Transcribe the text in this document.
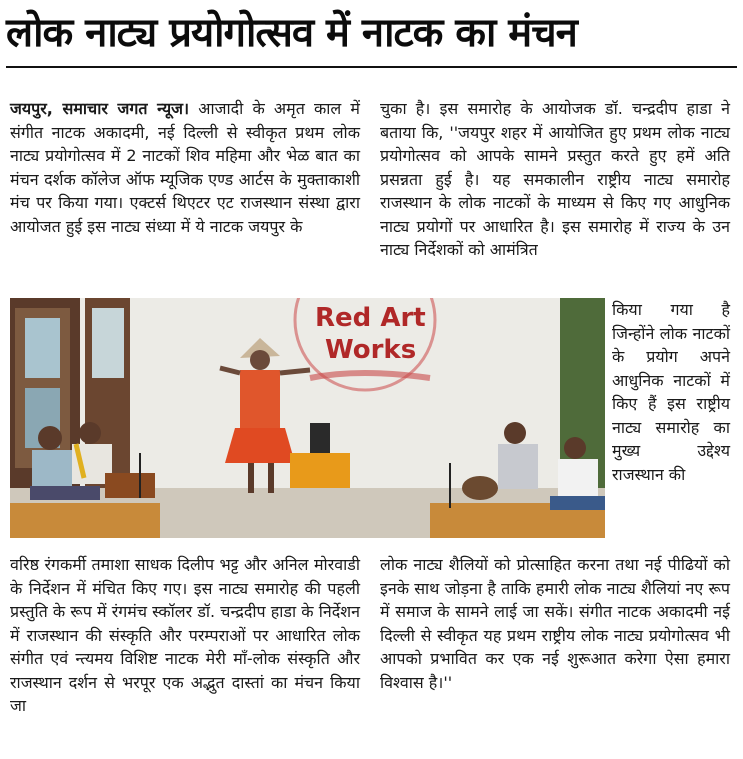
लोक नाट्य प्रयोगोत्सव में नाटक का मंचन

जयपुर, समाचार जगत न्यूज। आजादी के अमृत काल में संगीत नाटक अकादमी, नई दिल्ली से स्वीकृत प्रथम लोक नाट्य प्रयोगोत्सव में 2 नाटकों शिव महिमा और भेळ बात का मंचन दर्शक कॉलेज ऑफ म्यूजिक एण्ड आर्टस के मुक्ताकाशी मंच पर किया गया। एक्टर्स थिएटर एट राजस्थान संस्था द्वारा आयोजत हुई इस नाट्य संध्या में ये नाटक जयपुर के

चुका है। इस समारोह के आयोजक डॉ. चन्द्रदीप हाडा ने बताया कि, ''जयपुर शहर में आयोजित हुए प्रथम लोक नाट्य प्रयोगोत्सव को आपके सामने प्रस्तुत करते हुए हमें अति प्रसन्नता हुई है। यह समकालीन राष्ट्रीय नाट्य समारोह राजस्थान के लोक नाटकों के माध्यम से किए गए आधुनिक नाट्य प्रयोगों पर आधारित है। इस समारोह में राज्य के उन नाट्य निर्देशकों को आमंत्रित

Red Art
Works
किया गया है जिन्होंने लोक नाटकों के प्रयोग अपने आधुनिक नाटकों में किए हैं इस राष्ट्रीय नाट्य समारोह का मुख्य उद्देश्य राजस्थान की

वरिष्ठ रंगकर्मी तमाशा साधक दिलीप भट्ट और अनिल मोरवाडी के निर्देशन में मंचित किए गए। इस नाट्य समारोह की पहली प्रस्तुति के रूप में रंगमंच स्कॉलर डॉ. चन्द्रदीप हाडा के निर्देशन में राजस्थान की संस्कृति और परम्पराओं पर आधारित लोक संगीत एवं न्त्यमय विशिष्ट नाटक मेरी माँ-लोक संस्कृति और राजस्थान दर्शन से भरपूर एक अद्भुत दास्तां का मंचन किया जा

लोक नाट्य शैलियों को प्रोत्साहित करना तथा नई पीढियों को इनके साथ जोड़ना है ताकि हमारी लोक नाट्य शैलियां नए रूप में समाज के सामने लाई जा सकें। संगीत नाटक अकादमी नई दिल्ली से स्वीकृत यह प्रथम राष्ट्रीय लोक नाट्य प्रयोगोत्सव भी आपको प्रभावित कर एक नई शुरूआत करेगा ऐसा हमारा विश्वास है।''
